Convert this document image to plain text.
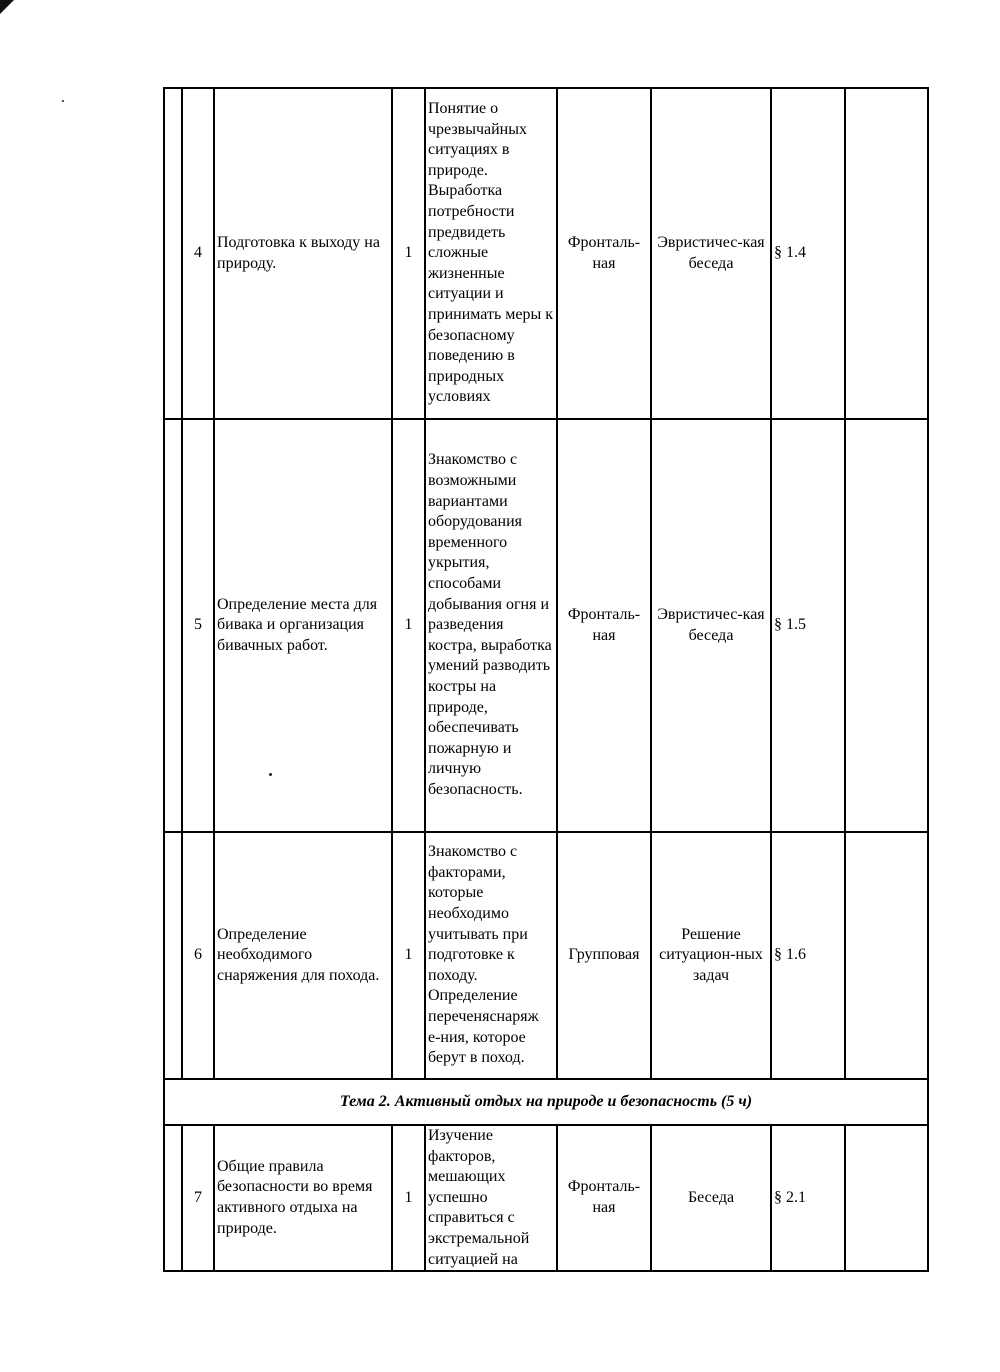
	4	Подготовка к выходу на природу.	1	Понятие о чрезвычайных ситуациях в природе. Выработка потребности предвидеть сложные жизненные ситуации и принимать меры к безопасному поведению в природных условиях	Фронталь-ная	Эвристичес-кая беседа	§ 1.4	
	5	Определение места для бивака и организация бивачных работ.	1	Знакомство с возможными вариантами оборудования временного укрытия, способами добывания огня и разведения костра, выработка умений разводить костры на природе, обеспечивать пожарную и личную безопасность.	Фронталь-ная	Эвристичес-кая беседа	§ 1.5	
	6	Определение необходимого снаряжения для похода.	1	Знакомство с факторами, которые необходимо учитывать при подготовке к походу. Определение переченяснаряж е-ния, которое берут в поход.	Групповая	Решение ситуацион-ных задач	§ 1.6	
Тема 2. Активный отдых на природе и безопасность (5 ч)								
	7	Общие правила безопасности во время активного отдыха на природе.	1	Изучение факторов, мешающих успешно справиться с экстремальной ситуацией на	Фронталь-ная	Беседа	§ 2.1	
